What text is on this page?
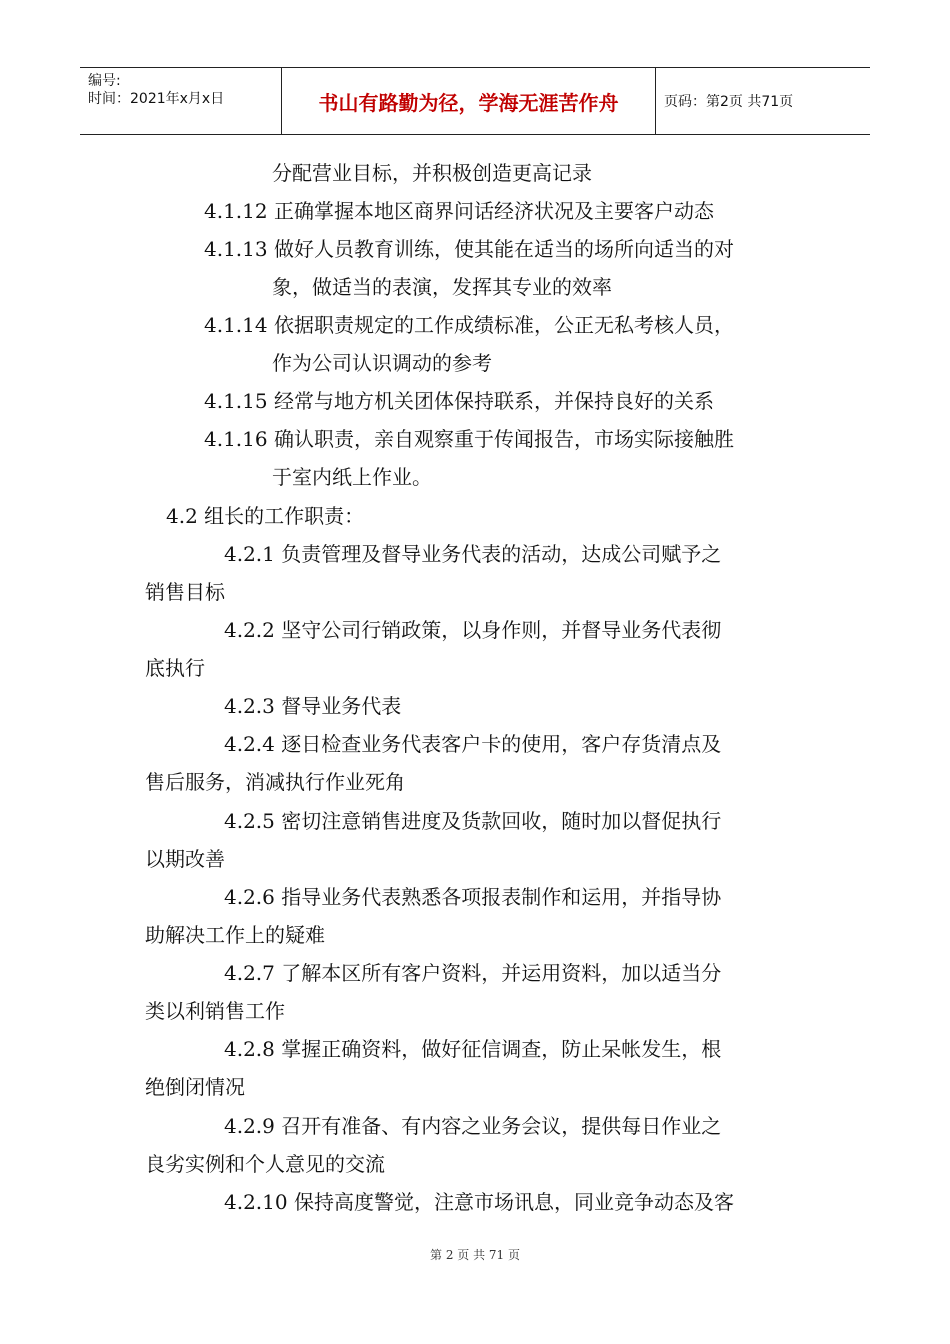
编号:
时间：2021年x月x日	书山有路勤为径，学海无涯苦作舟	页码：第2页 共71页
分配营业目标，并积极创造更高记录
4.1.12 正确掌握本地区商界问话经济状况及主要客户动态
4.1.13 做好人员教育训练，使其能在适当的场所向适当的对
象，做适当的表演，发挥其专业的效率
4.1.14 依据职责规定的工作成绩标准，公正无私考核人员，
作为公司认识调动的参考
4.1.15 经常与地方机关团体保持联系，并保持良好的关系
4.1.16 确认职责，亲自观察重于传闻报告，市场实际接触胜
于室内纸上作业。
4.2 组长的工作职责：
4.2.1 负责管理及督导业务代表的活动，达成公司赋予之
销售目标
4.2.2 坚守公司行销政策，以身作则，并督导业务代表彻
底执行
4.2.3 督导业务代表
4.2.4 逐日检查业务代表客户卡的使用，客户存货清点及
售后服务，消减执行作业死角
4.2.5 密切注意销售进度及货款回收，随时加以督促执行
以期改善
4.2.6 指导业务代表熟悉各项报表制作和运用，并指导协
助解决工作上的疑难
4.2.7 了解本区所有客户资料，并运用资料，加以适当分
类以利销售工作
4.2.8 掌握正确资料，做好征信调查，防止呆帐发生，根
绝倒闭情况
4.2.9 召开有准备、有内容之业务会议，提供每日作业之
良劣实例和个人意见的交流
4.2.10 保持高度警觉，注意市场讯息，同业竞争动态及客
第 2 页 共 71 页
